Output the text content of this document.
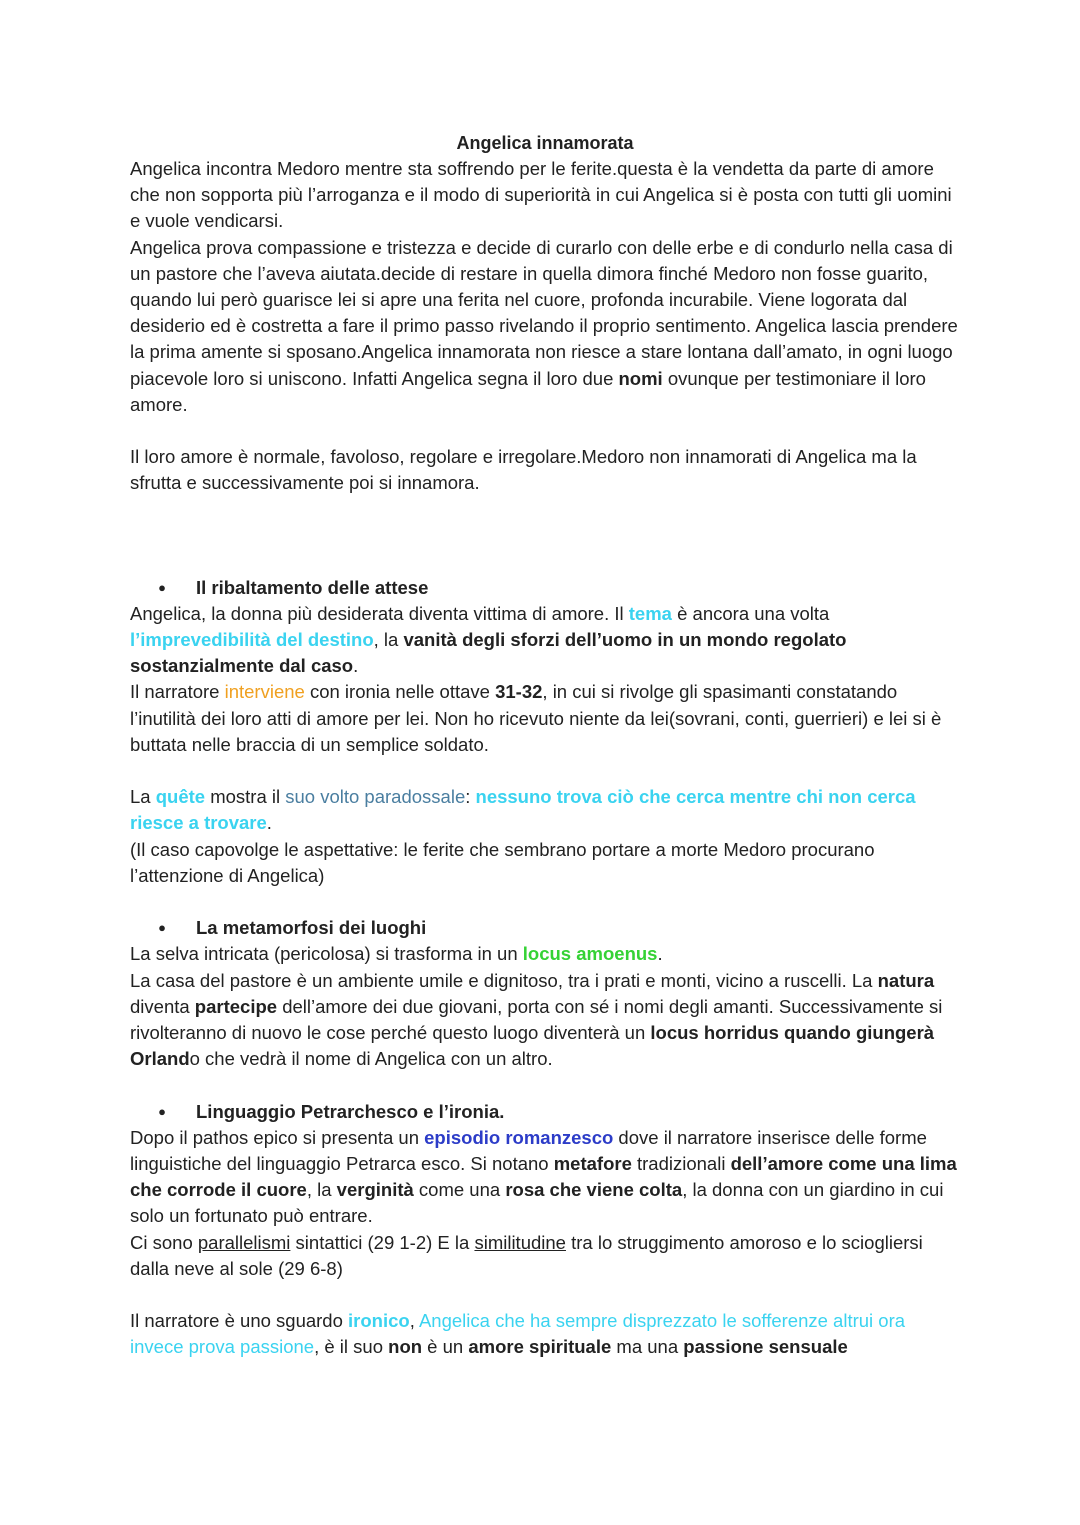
Angelica innamorata

Angelica incontra Medoro mentre sta soffrendo per le ferite.questa è la vendetta da parte di amore che non sopporta più l’arroganza e il modo di superiorità in cui Angelica si è posta con tutti gli uomini e vuole vendicarsi.

Angelica prova compassione e tristezza e decide di curarlo con delle erbe e di condurlo nella casa di un pastore che l’aveva aiutata.decide di restare in quella dimora finché Medoro non fosse guarito, quando lui però guarisce lei si apre una ferita nel cuore, profonda incurabile. Viene logorata dal desiderio ed è costretta a fare il primo passo rivelando il proprio sentimento. Angelica lascia prendere la prima amente si sposano.Angelica innamorata non riesce a stare lontana dall’amato, in ogni luogo piacevole loro si uniscono. Infatti Angelica segna il loro due nomi ovunque per testimoniare il loro amore.

Il loro amore è normale, favoloso, regolare e irregolare.Medoro non innamorati di Angelica ma la sfrutta e successivamente poi si innamora.

● Il ribaltamento delle attese

Angelica, la donna più desiderata diventa vittima di amore. Il tema è ancora una volta l’imprevedibilità del destino, la vanità degli sforzi dell’uomo in un mondo regolato sostanzialmente dal caso.

Il narratore interviene con ironia nelle ottave 31-32, in cui si rivolge gli spasimanti constatando l’inutilità dei loro atti di amore per lei. Non ho ricevuto niente da lei(sovrani, conti, guerrieri) e lei si è buttata nelle braccia di un semplice soldato.

La quête mostra il suo volto paradossale: nessuno trova ciò che cerca mentre chi non cerca riesce a trovare.

(Il caso capovolge le aspettative: le ferite che sembrano portare a morte Medoro procurano l’attenzione di Angelica)

● La metamorfosi dei luoghi

La selva intricata (pericolosa) si trasforma in un locus amoenus.

La casa del pastore è un ambiente umile e dignitoso, tra i prati e monti, vicino a ruscelli. La natura diventa partecipe dell’amore dei due giovani, porta con sé i nomi degli amanti. Successivamente si rivolteranno di nuovo le cose perché questo luogo diventerà un locus horridus quando giungerà Orlando che vedrà il nome di Angelica con un altro.

● Linguaggio Petrarchesco e l’ironia.

Dopo il pathos epico si presenta un episodio romanzesco dove il narratore inserisce delle forme linguistiche del linguaggio Petrarca esco. Si notano metafore tradizionali dell’amore come una lima che corrode il cuore, la verginità come una rosa che viene colta, la donna con un giardino in cui solo un fortunato può entrare.

Ci sono parallelismi sintattici (29 1-2) E la similitudine tra lo struggimento amoroso e lo sciogliersi dalla neve al sole (29 6-8)

Il narratore è uno sguardo ironico, Angelica che ha sempre disprezzato le sofferenze altrui ora invece prova passione, è il suo non è un amore spirituale ma una passione sensuale
